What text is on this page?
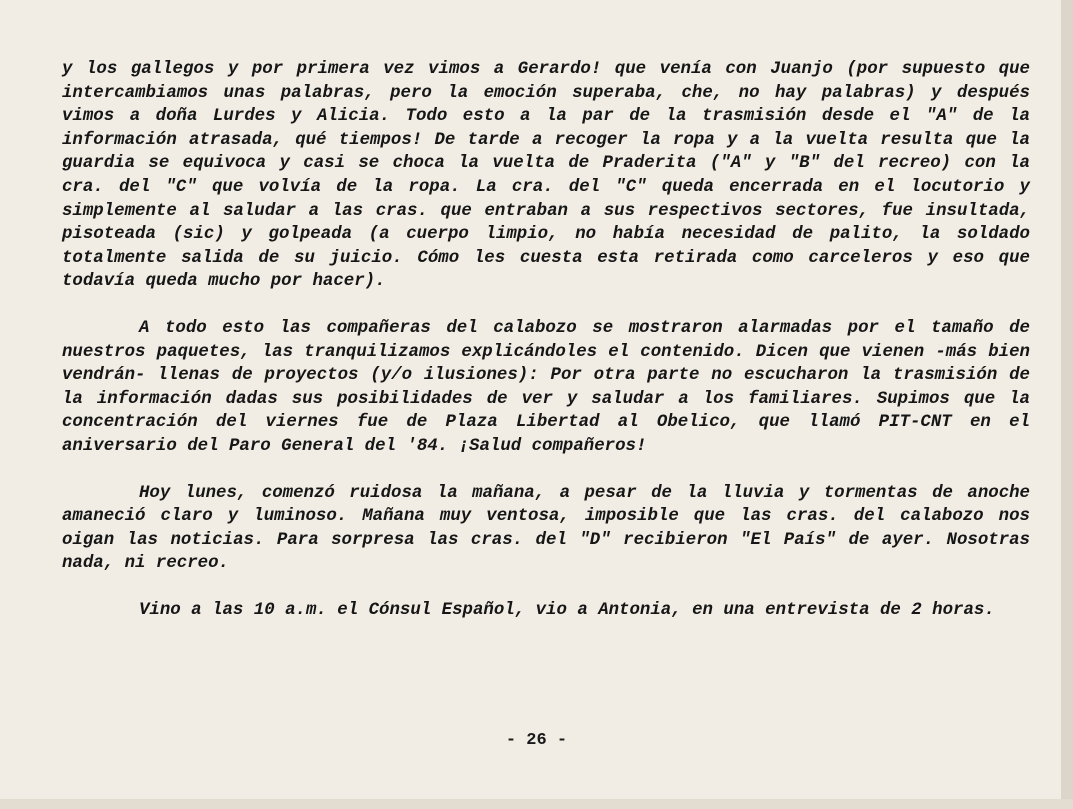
y los gallegos y por primera vez vimos a Gerardo! que venía con Juanjo (por supuesto que intercambiamos unas palabras, pero la emoción superaba, che, no hay palabras) y después vimos a doña Lurdes y Alicia. Todo esto a la par de la trasmisión desde el "A" de la información atrasada, qué tiempos! De tarde a recoger la ropa y a la vuelta resulta que la guardia se equivoca y casi se choca la vuelta de Praderita ("A" y "B" del recreo) con la cra. del "C" que volvía de la ropa. La cra. del "C" queda encerrada en el locutorio y simplemente al saludar a las cras. que entraban a sus respectivos sectores, fue insultada, pisoteada (sic) y golpeada (a cuerpo limpio, no había necesidad de palito, la soldado totalmente salida de su juicio. Cómo les cuesta esta retirada como carceleros y eso que todavía queda mucho por hacer).

A todo esto las compañeras del calabozo se mostraron alarmadas por el tamaño de nuestros paquetes, las tranquilizamos explicándoles el contenido. Dicen que vienen -más bien vendrán- llenas de proyectos (y/o ilusiones): Por otra parte no escucharon la trasmisión de la información dadas sus posibilidades de ver y saludar a los familiares. Supimos que la concentración del viernes fue de Plaza Libertad al Obelico, que llamó PIT-CNT en el aniversario del Paro General del '84. ¡Salud compañeros!

Hoy lunes, comenzó ruidosa la mañana, a pesar de la lluvia y tormentas de anoche amaneció claro y luminoso. Mañana muy ventosa, imposible que las cras. del calabozo nos oigan las noticias. Para sorpresa las cras. del "D" recibieron "El País" de ayer. Nosotras nada, ni recreo.

Vino a las 10 a.m. el Cónsul Español, vio a Antonia, en una entrevista de 2 horas.

- 26 -
